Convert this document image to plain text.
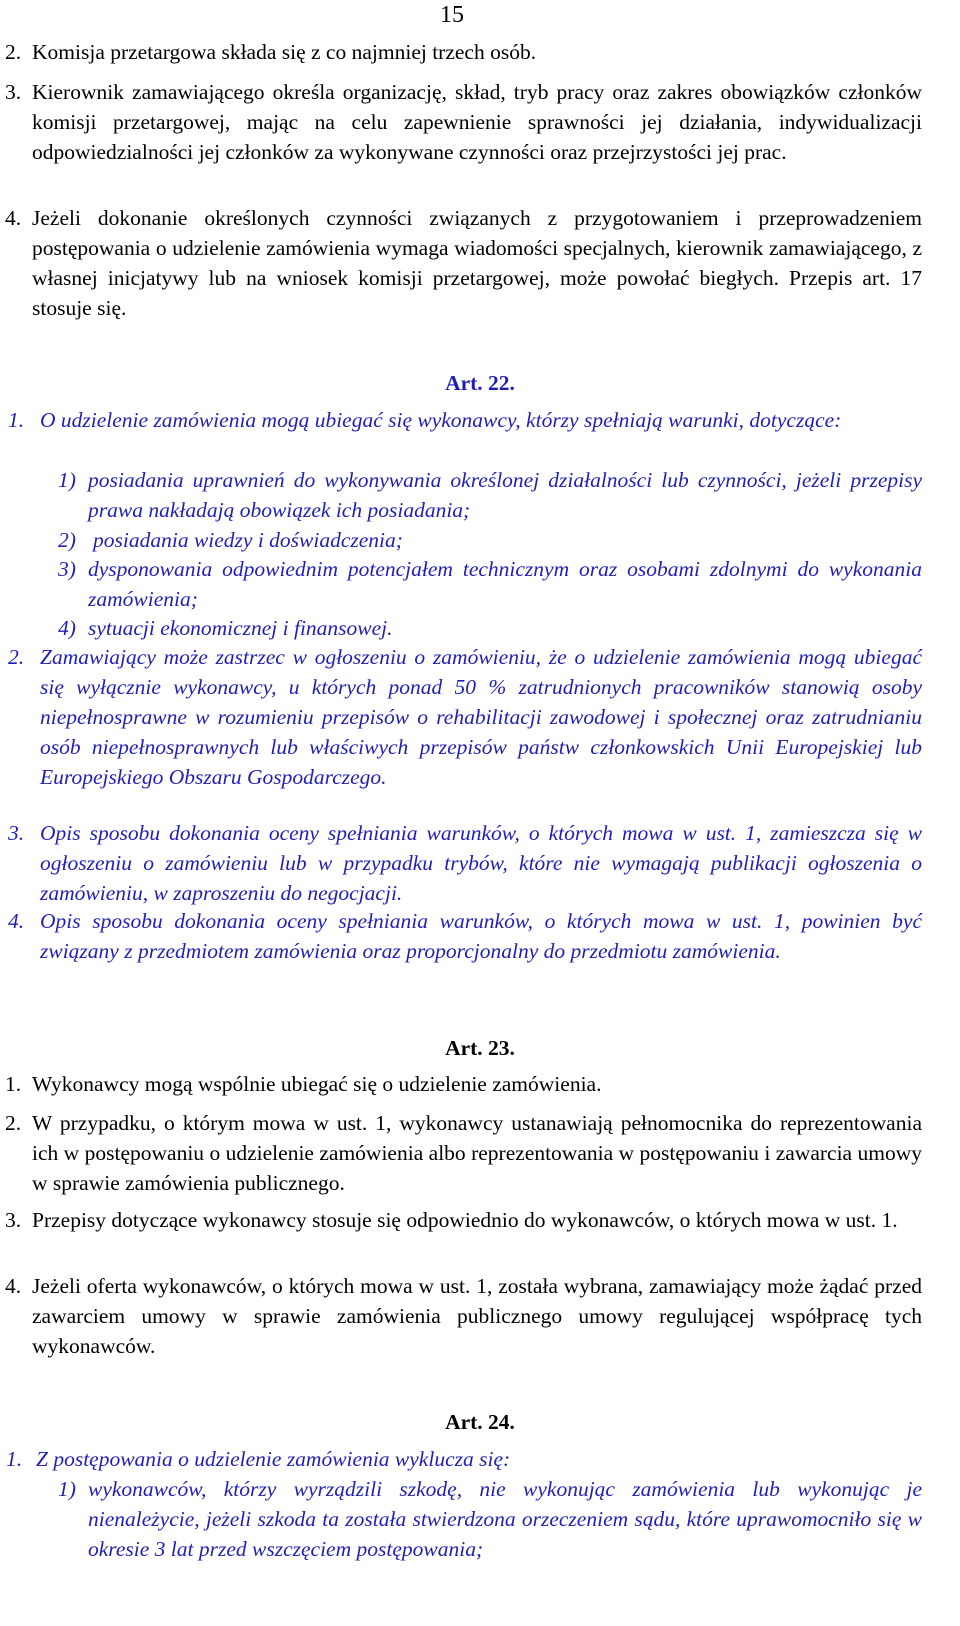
15
2. Komisja przetargowa składa się z co najmniej trzech osób.
3. Kierownik zamawiającego określa organizację, skład, tryb pracy oraz zakres obowiązków członków komisji przetargowej, mając na celu zapewnienie sprawności jej działania, indywidualizacji odpowiedzialności jej członków za wykonywane czynności oraz przejrzystości jej prac.
4. Jeżeli dokonanie określonych czynności związanych z przygotowaniem i przeprowadzeniem postępowania o udzielenie zamówienia wymaga wiadomości specjalnych, kierownik zamawiającego, z własnej inicjatywy lub na wniosek komisji przetargowej, może powołać biegłych. Przepis art. 17 stosuje się.
Art. 22.
1. O udzielenie zamówienia mogą ubiegać się wykonawcy, którzy spełniają warunki, dotyczące:
1) posiadania uprawnień do wykonywania określonej działalności lub czynności, jeżeli przepisy prawa nakładają obowiązek ich posiadania;
2) posiadania wiedzy i doświadczenia;
3) dysponowania odpowiednim potencjałem technicznym oraz osobami zdolnymi do wykonania zamówienia;
4) sytuacji ekonomicznej i finansowej.
2. Zamawiający może zastrzec w ogłoszeniu o zamówieniu, że o udzielenie zamówienia mogą ubiegać się wyłącznie wykonawcy, u których ponad 50 % zatrudnionych pracowników stanowią osoby niepełnosprawne w rozumieniu przepisów o rehabilitacji zawodowej i społecznej oraz zatrudnianiu osób niepełnosprawnych lub właściwych przepisów państw członkowskich Unii Europejskiej lub Europejskiego Obszaru Gospodarczego.
3. Opis sposobu dokonania oceny spełniania warunków, o których mowa w ust. 1, zamieszcza się w ogłoszeniu o zamówieniu lub w przypadku trybów, które nie wymagają publikacji ogłoszenia o zamówieniu, w zaproszeniu do negocjacji.
4. Opis sposobu dokonania oceny spełniania warunków, o których mowa w ust. 1, powinien być związany z przedmiotem zamówienia oraz proporcjonalny do przedmiotu zamówienia.
Art. 23.
1. Wykonawcy mogą wspólnie ubiegać się o udzielenie zamówienia.
2. W przypadku, o którym mowa w ust. 1, wykonawcy ustanawiają pełnomocnika do reprezentowania ich w postępowaniu o udzielenie zamówienia albo reprezentowania w postępowaniu i zawarcia umowy w sprawie zamówienia publicznego.
3. Przepisy dotyczące wykonawcy stosuje się odpowiednio do wykonawców, o których mowa w ust. 1.
4. Jeżeli oferta wykonawców, o których mowa w ust. 1, została wybrana, zamawiający może żądać przed zawarciem umowy w sprawie zamówienia publicznego umowy regulującej współpracę tych wykonawców.
Art. 24.
1. Z postępowania o udzielenie zamówienia wyklucza się:
1) wykonawców, którzy wyrządzili szkodę, nie wykonując zamówienia lub wykonując je nienależycie, jeżeli szkoda ta została stwierdzona orzeczeniem sądu, które uprawomocniło się w okresie 3 lat przed wszczęciem postępowania;
